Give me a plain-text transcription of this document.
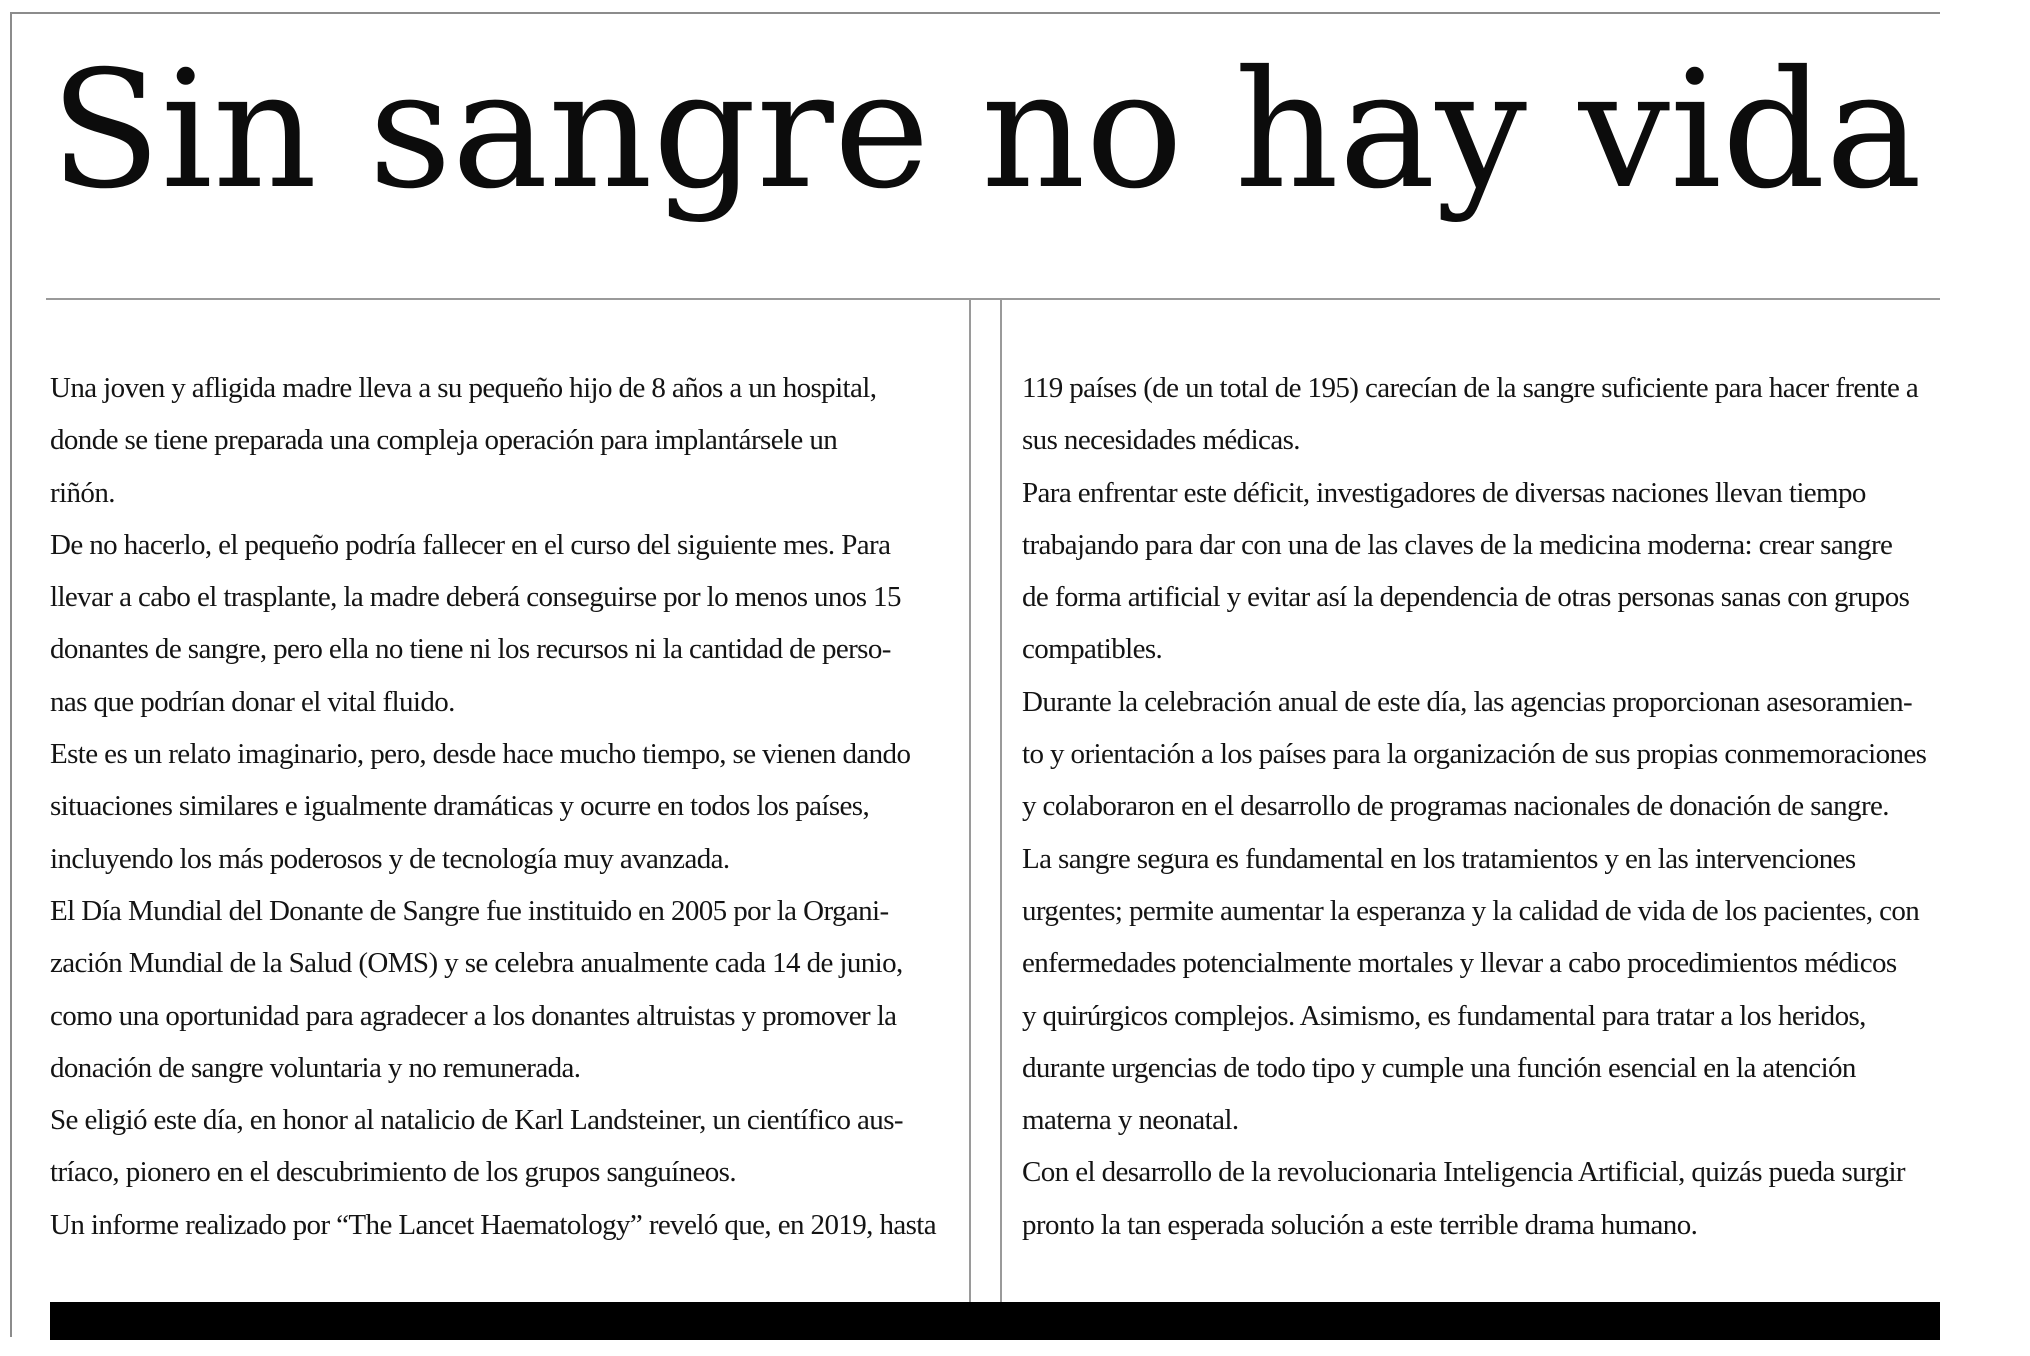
Sin sangre no hay vida
Una joven y afligida madre lleva a su pequeño hijo de 8 años a un hospital,
donde se tiene preparada una compleja operación para implantársele un
riñón.
De no hacerlo, el pequeño podría fallecer en el curso del siguiente mes. Para
llevar a cabo el trasplante, la madre deberá conseguirse por lo menos unos 15
donantes de sangre, pero ella no tiene ni los recursos ni la cantidad de perso-
nas que podrían donar el vital fluido.
Este es un relato imaginario, pero, desde hace mucho tiempo, se vienen dando
situaciones similares e igualmente dramáticas y ocurre en todos los países,
incluyendo los más poderosos y de tecnología muy avanzada.
El Día Mundial del Donante de Sangre fue instituido en 2005 por la Organi-
zación Mundial de la Salud (OMS) y se celebra anualmente cada 14 de junio,
como una oportunidad para agradecer a los donantes altruistas y promover la
donación de sangre voluntaria y no remunerada.
Se eligió este día, en honor al natalicio de Karl Landsteiner, un científico aus-
tríaco, pionero en el descubrimiento de los grupos sanguíneos.
Un informe realizado por “The Lancet Haematology” reveló que, en 2019, hasta
119 países (de un total de 195) carecían de la sangre suficiente para hacer frente a
sus necesidades médicas.
Para enfrentar este déficit, investigadores de diversas naciones llevan tiempo
trabajando para dar con una de las claves de la medicina moderna: crear sangre
de forma artificial y evitar así la dependencia de otras personas sanas con grupos
compatibles.
Durante la celebración anual de este día, las agencias proporcionan asesoramien-
to y orientación a los países para la organización de sus propias conmemoraciones
y colaboraron en el desarrollo de programas nacionales de donación de sangre.
La sangre segura es fundamental en los tratamientos y en las intervenciones
urgentes; permite aumentar la esperanza y la calidad de vida de los pacientes, con
enfermedades potencialmente mortales y llevar a cabo procedimientos médicos
y quirúrgicos complejos. Asimismo, es fundamental para tratar a los heridos,
durante urgencias de todo tipo y cumple una función esencial en la atención
materna y neonatal.
Con el desarrollo de la revolucionaria Inteligencia Artificial, quizás pueda surgir
pronto la tan esperada solución a este terrible drama humano.
